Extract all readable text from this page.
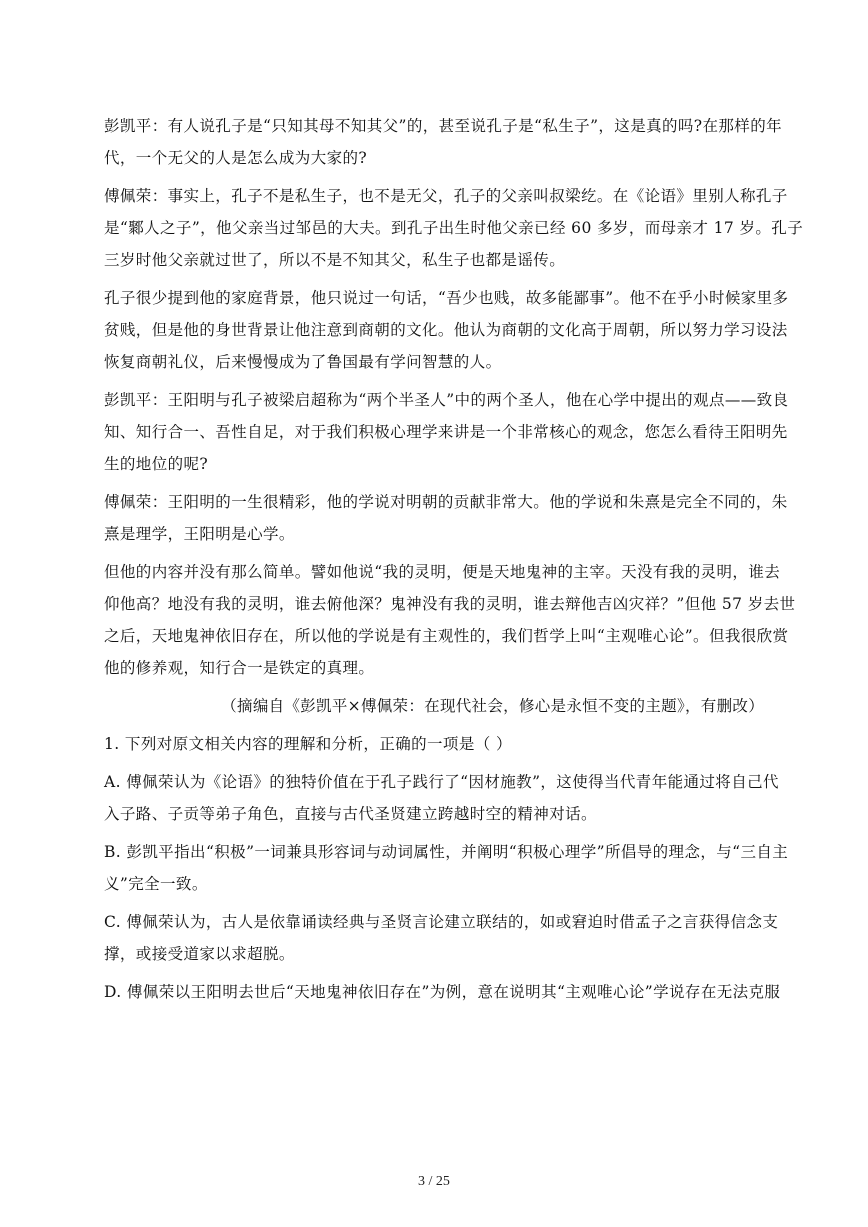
彭凯平：有人说孔子是“只知其母不知其父”的，甚至说孔子是“私生子”，这是真的吗?在那样的年
代，一个无父的人是怎么成为大家的?
傅佩荣：事实上，孔子不是私生子，也不是无父，孔子的父亲叫叔梁纥。在《论语》里别人称孔子
是“鄹人之子”，他父亲当过邹邑的大夫。到孔子出生时他父亲已经 60 多岁，而母亲才 17 岁。孔子
三岁时他父亲就过世了，所以不是不知其父，私生子也都是谣传。
孔子很少提到他的家庭背景，他只说过一句话，“吾少也贱，故多能鄙事”。他不在乎小时候家里多
贫贱，但是他的身世背景让他注意到商朝的文化。他认为商朝的文化高于周朝，所以努力学习设法
恢复商朝礼仪，后来慢慢成为了鲁国最有学问智慧的人。
彭凯平：王阳明与孔子被梁启超称为“两个半圣人”中的两个圣人，他在心学中提出的观点——致良
知、知行合一、吾性自足，对于我们积极心理学来讲是一个非常核心的观念，您怎么看待王阳明先
生的地位的呢?
傅佩荣：王阳明的一生很精彩，他的学说对明朝的贡献非常大。他的学说和朱熹是完全不同的，朱
熹是理学，王阳明是心学。
但他的内容并没有那么简单。譬如他说“我的灵明，便是天地鬼神的主宰。天没有我的灵明，谁去
仰他高？地没有我的灵明，谁去俯他深？鬼神没有我的灵明，谁去辩他吉凶灾祥？”但他 57 岁去世
之后，天地鬼神依旧存在，所以他的学说是有主观性的，我们哲学上叫“主观唯心论”。但我很欣赏
他的修养观，知行合一是铁定的真理。
（摘编自《彭凯平×傅佩荣：在现代社会，修心是永恒不变的主题》，有删改）
1. 下列对原文相关内容的理解和分析，正确的一项是（ ）
A. 傅佩荣认为《论语》的独特价值在于孔子践行了“因材施教”，这使得当代青年能通过将自己代
入子路、子贡等弟子角色，直接与古代圣贤建立跨越时空的精神对话。
B. 彭凯平指出“积极”一词兼具形容词与动词属性，并阐明“积极心理学”所倡导的理念，与“三自主
义”完全一致。
C. 傅佩荣认为，古人是依靠诵读经典与圣贤言论建立联结的，如或窘迫时借孟子之言获得信念支
撑，或接受道家以求超脱。
D. 傅佩荣以王阳明去世后“天地鬼神依旧存在”为例，意在说明其“主观唯心论”学说存在无法克服
3 / 25
